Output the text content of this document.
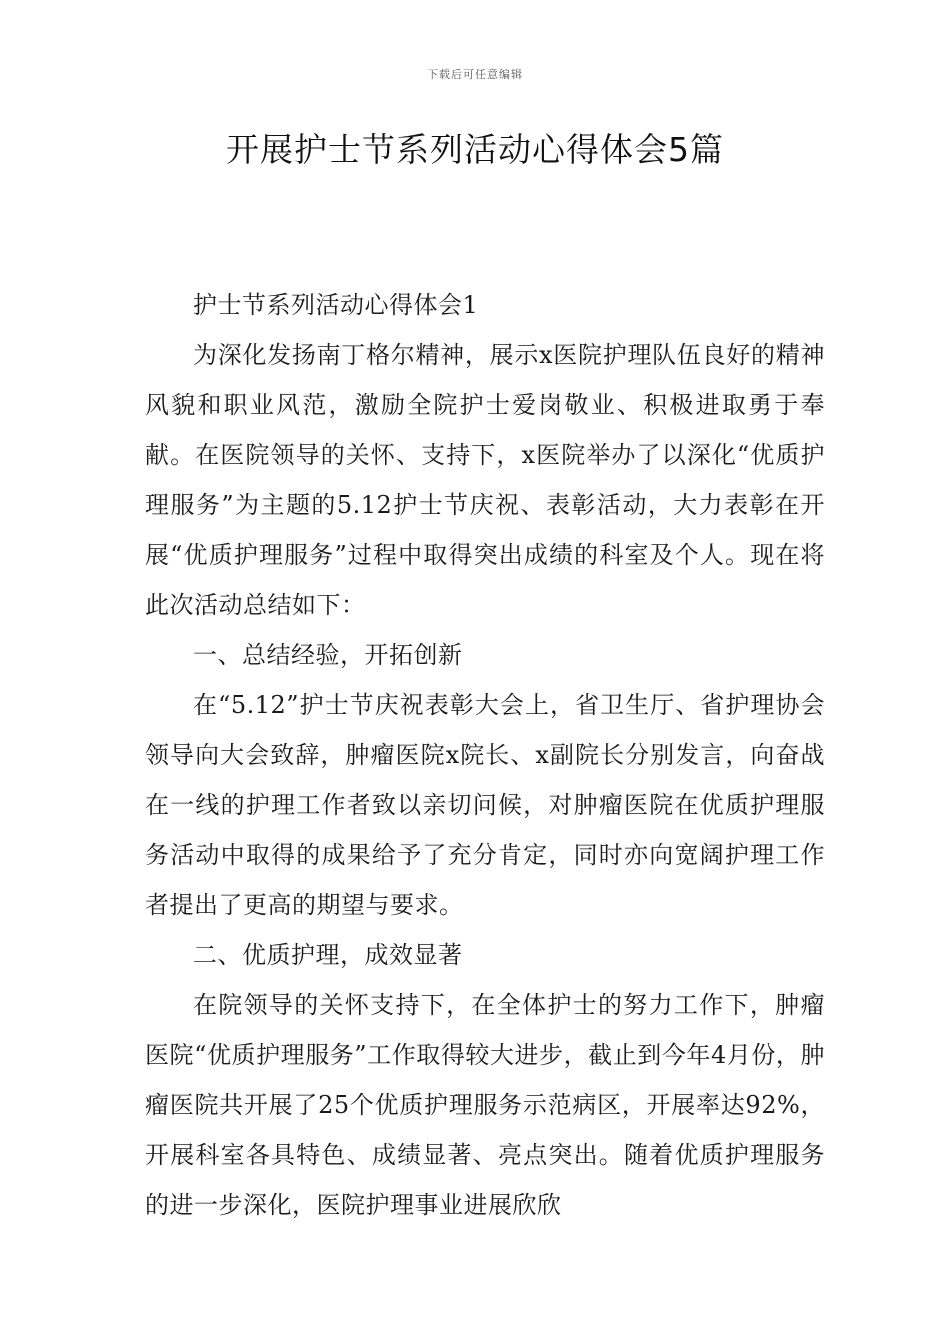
下载后可任意编辑
开展护士节系列活动心得体会5篇

护士节系列活动心得体会1

为深化发扬南丁格尔精神，展示x医院护理队伍良好的精神风貌和职业风范，激励全院护士爱岗敬业、积极进取勇于奉献。在医院领导的关怀、支持下，x医院举办了以深化“优质护理服务”为主题的5.12护士节庆祝、表彰活动，大力表彰在开展“优质护理服务”过程中取得突出成绩的科室及个人。现在将此次活动总结如下：

一、总结经验，开拓创新

在“5.12”护士节庆祝表彰大会上，省卫生厅、省护理协会领导向大会致辞，肿瘤医院x院长、x副院长分别发言，向奋战在一线的护理工作者致以亲切问候，对肿瘤医院在优质护理服务活动中取得的成果给予了充分肯定，同时亦向宽阔护理工作者提出了更高的期望与要求。

二、优质护理，成效显著

在院领导的关怀支持下，在全体护士的努力工作下，肿瘤医院“优质护理服务”工作取得较大进步，截止到今年4月份，肿瘤医院共开展了25个优质护理服务示范病区，开展率达92%，开展科室各具特色、成绩显著、亮点突出。随着优质护理服务的进一步深化，医院护理事业进展欣欣
